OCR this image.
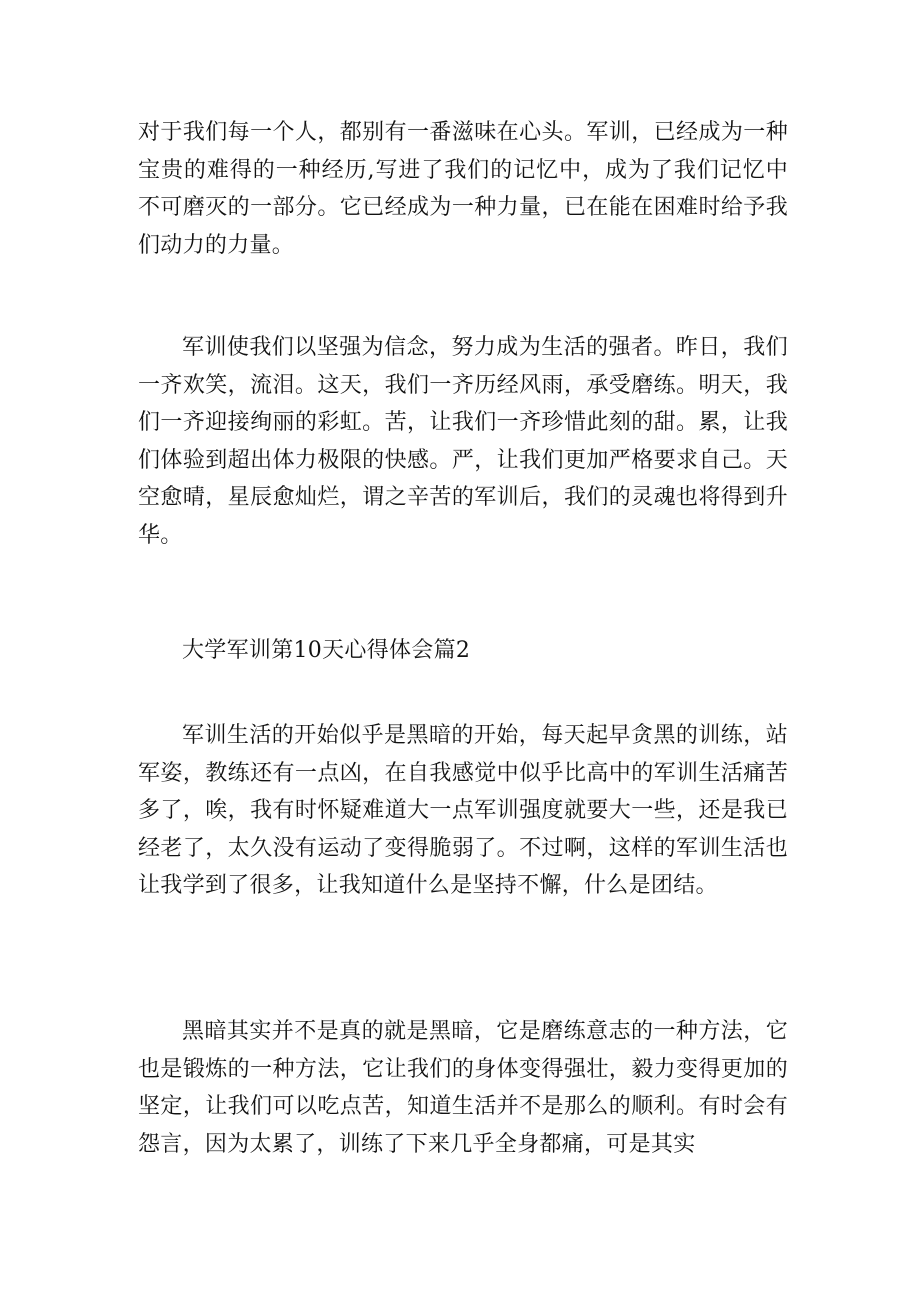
对于我们每一个人，都别有一番滋味在心头。军训，已经成为一种宝贵的难得的一种经历,写进了我们的记忆中，成为了我们记忆中不可磨灭的一部分。它已经成为一种力量，已在能在困难时给予我们动力的力量。

军训使我们以坚强为信念，努力成为生活的强者。昨日，我们一齐欢笑，流泪。这天，我们一齐历经风雨，承受磨练。明天，我们一齐迎接绚丽的彩虹。苦，让我们一齐珍惜此刻的甜。累，让我们体验到超出体力极限的快感。严，让我们更加严格要求自己。天空愈晴，星辰愈灿烂，谓之辛苦的军训后，我们的灵魂也将得到升华。

大学军训第10天心得体会篇2

军训生活的开始似乎是黑暗的开始，每天起早贪黑的训练，站军姿，教练还有一点凶，在自我感觉中似乎比高中的军训生活痛苦多了，唉，我有时怀疑难道大一点军训强度就要大一些，还是我已经老了，太久没有运动了变得脆弱了。不过啊，这样的军训生活也让我学到了很多，让我知道什么是坚持不懈，什么是团结。

黑暗其实并不是真的就是黑暗，它是磨练意志的一种方法，它也是锻炼的一种方法，它让我们的身体变得强壮，毅力变得更加的坚定，让我们可以吃点苦，知道生活并不是那么的顺利。有时会有怨言，因为太累了，训练了下来几乎全身都痛，可是其实
